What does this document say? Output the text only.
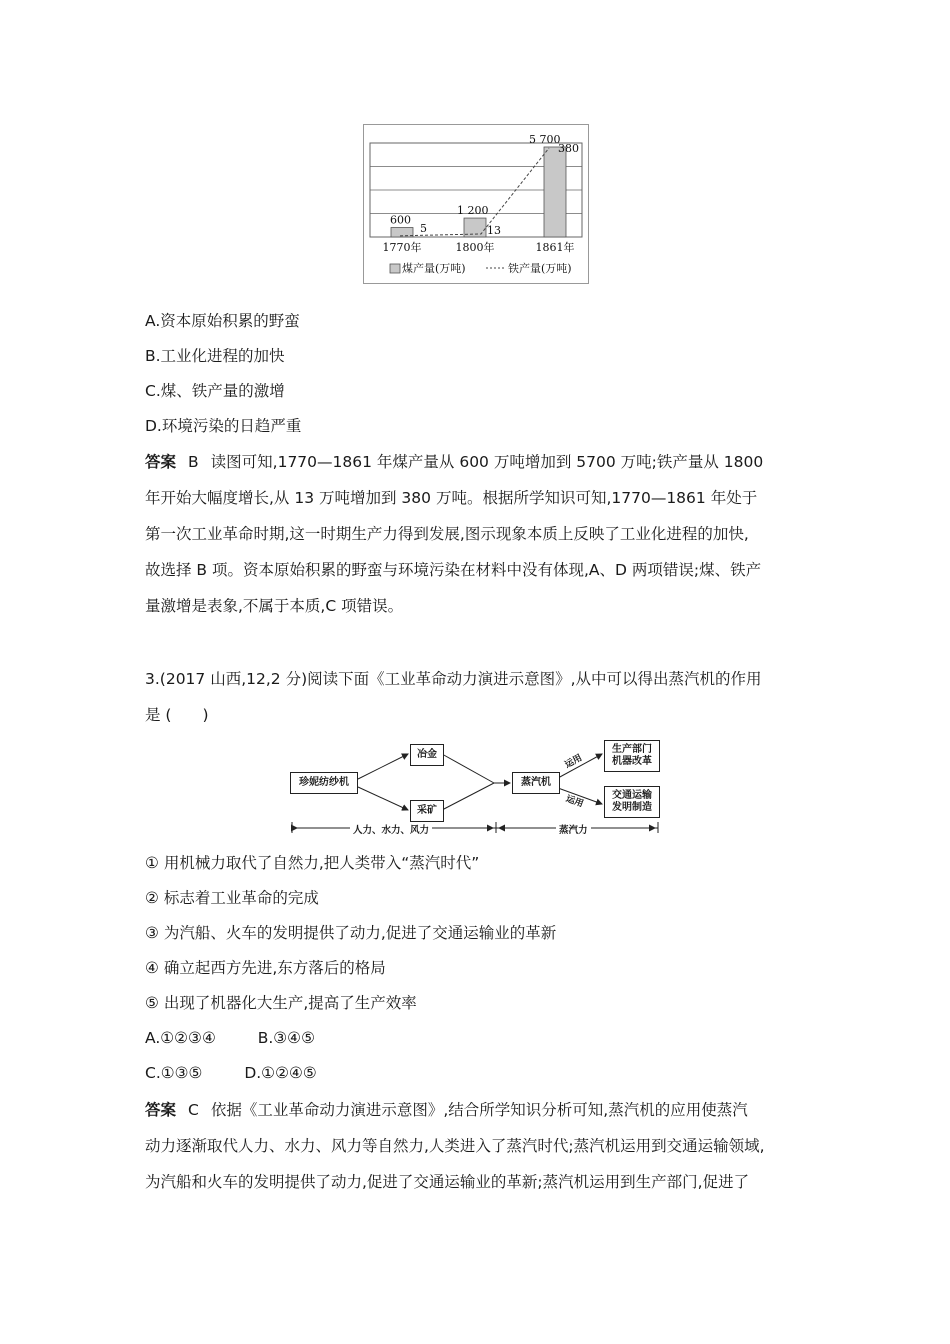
600
1 200
5 700
5	13
380
1770年	1800年	1861年
煤产量(万吨)	铁产量(万吨)
A.资本原始积累的野蛮
B.工业化进程的加快
C.煤、铁产量的激增
D.环境污染的日趋严重
答案 B 读图可知,1770—1861 年煤产量从 600 万吨增加到 5700 万吨;铁产量从 1800
年开始大幅度增长,从 13 万吨增加到 380 万吨。根据所学知识可知,1770—1861 年处于
第一次工业革命时期,这一时期生产力得到发展,图示现象本质上反映了工业化进程的加快,
故选择 B 项。资本原始积累的野蛮与环境污染在材料中没有体现,A、D 两项错误;煤、铁产
量激增是表象,不属于本质,C 项错误。
3.(2017 山西,12,2 分)阅读下面《工业革命动力演进示意图》,从中可以得出蒸汽机的作用
是 (　　)
珍妮纺纱机
冶金
采矿
蒸汽机
生产部门
机器改革
交通运输
发明制造
运用
运用
人力、水力、风力	蒸汽力
① 用机械力取代了自然力,把人类带入“蒸汽时代”
② 标志着工业革命的完成
③ 为汽船、火车的发明提供了动力,促进了交通运输业的革新
④ 确立起西方先进,东方落后的格局
⑤ 出现了机器化大生产,提高了生产效率
A.①②③④	B.③④⑤
C.①③⑤	D.①②④⑤
答案 C 依据《工业革命动力演进示意图》,结合所学知识分析可知,蒸汽机的应用使蒸汽
动力逐渐取代人力、水力、风力等自然力,人类进入了蒸汽时代;蒸汽机运用到交通运输领域,
为汽船和火车的发明提供了动力,促进了交通运输业的革新;蒸汽机运用到生产部门,促进了
